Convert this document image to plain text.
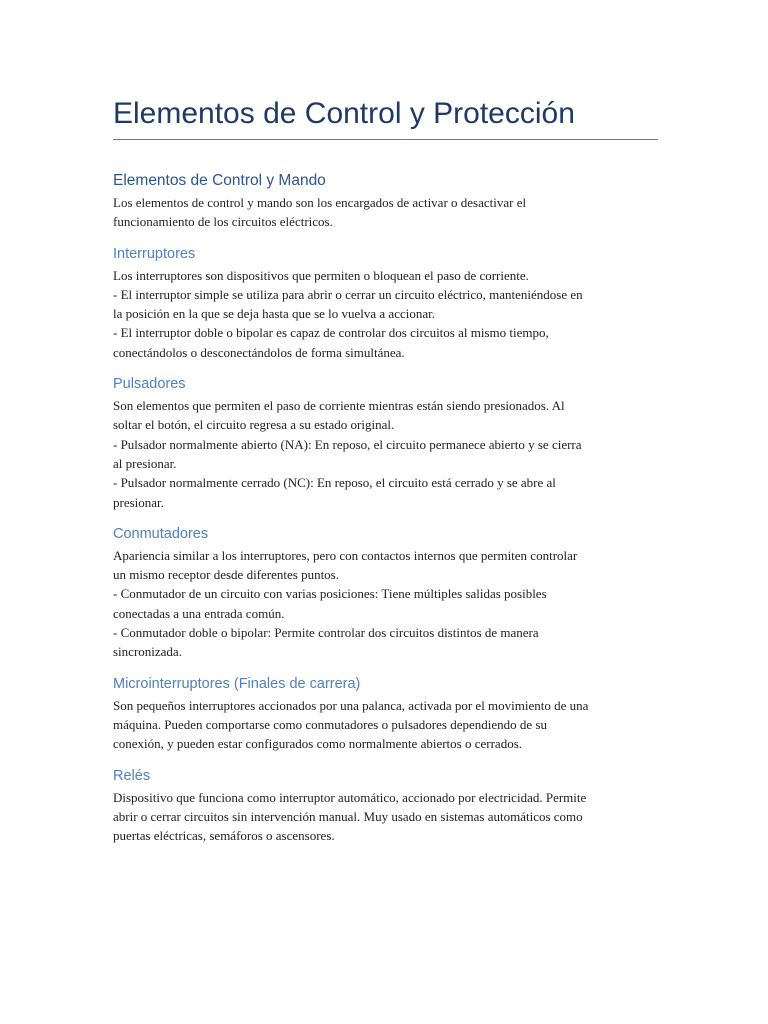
Elementos de Control y Protección
Elementos de Control y Mando

Los elementos de control y mando son los encargados de activar o desactivar el
funcionamiento de los circuitos eléctricos.

Interruptores

Los interruptores son dispositivos que permiten o bloquean el paso de corriente.
- El interruptor simple se utiliza para abrir o cerrar un circuito eléctrico, manteniéndose en
la posición en la que se deja hasta que se lo vuelva a accionar.
- El interruptor doble o bipolar es capaz de controlar dos circuitos al mismo tiempo,
conectándolos o desconectándolos de forma simultánea.

Pulsadores

Son elementos que permiten el paso de corriente mientras están siendo presionados. Al
soltar el botón, el circuito regresa a su estado original.
- Pulsador normalmente abierto (NA): En reposo, el circuito permanece abierto y se cierra
al presionar.
- Pulsador normalmente cerrado (NC): En reposo, el circuito está cerrado y se abre al
presionar.

Conmutadores

Apariencia similar a los interruptores, pero con contactos internos que permiten controlar
un mismo receptor desde diferentes puntos.
- Conmutador de un circuito con varias posiciones: Tiene múltiples salidas posibles
conectadas a una entrada común.
- Conmutador doble o bipolar: Permite controlar dos circuitos distintos de manera
sincronizada.

Microinterruptores (Finales de carrera)

Son pequeños interruptores accionados por una palanca, activada por el movimiento de una
máquina. Pueden comportarse como conmutadores o pulsadores dependiendo de su
conexión, y pueden estar configurados como normalmente abiertos o cerrados.

Relés

Dispositivo que funciona como interruptor automático, accionado por electricidad. Permite
abrir o cerrar circuitos sin intervención manual. Muy usado en sistemas automáticos como
puertas eléctricas, semáforos o ascensores.
